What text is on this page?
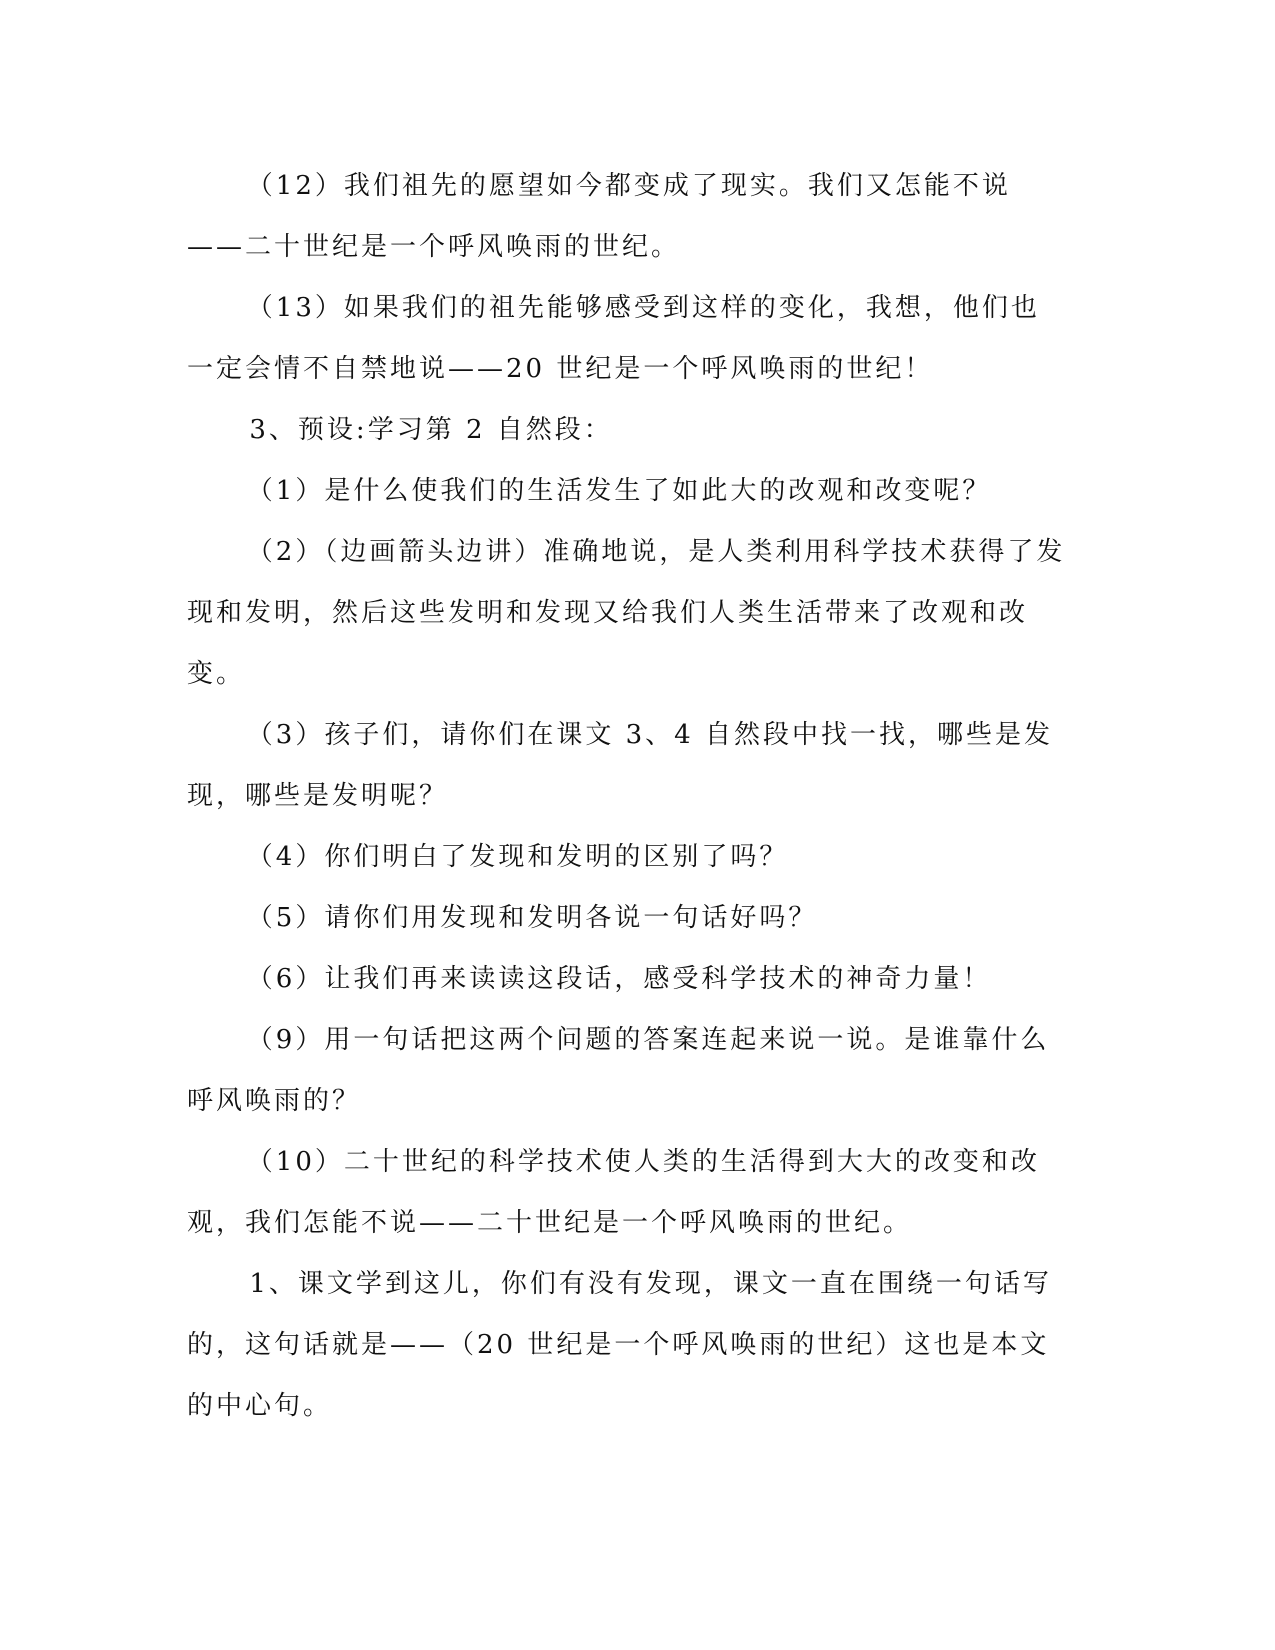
（12）我们祖先的愿望如今都变成了现实。我们又怎能不说——二十世纪是一个呼风唤雨的世纪。

（13）如果我们的祖先能够感受到这样的变化，我想，他们也一定会情不自禁地说——20 世纪是一个呼风唤雨的世纪！

3、预设:学习第 2 自然段：

（1）是什么使我们的生活发生了如此大的改观和改变呢？

（2）（边画箭头边讲）准确地说，是人类利用科学技术获得了发现和发明，然后这些发明和发现又给我们人类生活带来了改观和改变。

（3）孩子们，请你们在课文 3、4 自然段中找一找，哪些是发现，哪些是发明呢？

（4）你们明白了发现和发明的区别了吗？

（5）请你们用发现和发明各说一句话好吗？

（6）让我们再来读读这段话，感受科学技术的神奇力量！

（9）用一句话把这两个问题的答案连起来说一说。是谁靠什么呼风唤雨的？

（10）二十世纪的科学技术使人类的生活得到大大的改变和改观，我们怎能不说——二十世纪是一个呼风唤雨的世纪。

1、课文学到这儿，你们有没有发现，课文一直在围绕一句话写的，这句话就是——（20 世纪是一个呼风唤雨的世纪）这也是本文的中心句。
